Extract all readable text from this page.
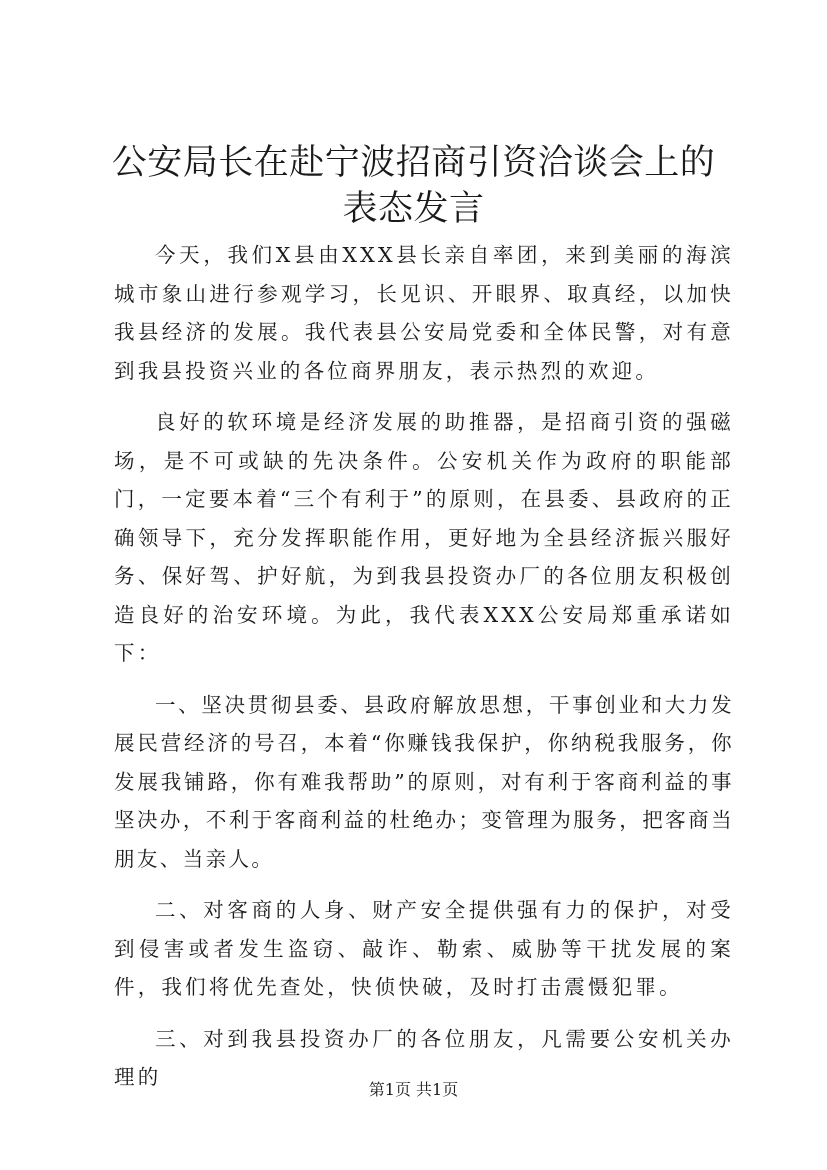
公安局长在赴宁波招商引资洽谈会上的表态发言

今天，我们X县由XXX县长亲自率团，来到美丽的海滨城市象山进行参观学习，长见识、开眼界、取真经，以加快我县经济的发展。我代表县公安局党委和全体民警，对有意到我县投资兴业的各位商界朋友，表示热烈的欢迎。

良好的软环境是经济发展的助推器，是招商引资的强磁场，是不可或缺的先决条件。公安机关作为政府的职能部门，一定要本着“三个有利于”的原则，在县委、县政府的正确领导下，充分发挥职能作用，更好地为全县经济振兴服好务、保好驾、护好航，为到我县投资办厂的各位朋友积极创造良好的治安环境。为此，我代表XXX公安局郑重承诺如下：

一、坚决贯彻县委、县政府解放思想，干事创业和大力发展民营经济的号召，本着“你赚钱我保护，你纳税我服务，你发展我铺路，你有难我帮助”的原则，对有利于客商利益的事坚决办，不利于客商利益的杜绝办；变管理为服务，把客商当朋友、当亲人。

二、对客商的人身、财产安全提供强有力的保护，对受到侵害或者发生盗窃、敲诈、勒索、威胁等干扰发展的案件，我们将优先查处，快侦快破，及时打击震慑犯罪。

三、对到我县投资办厂的各位朋友，凡需要公安机关办理的

第1页 共1页
